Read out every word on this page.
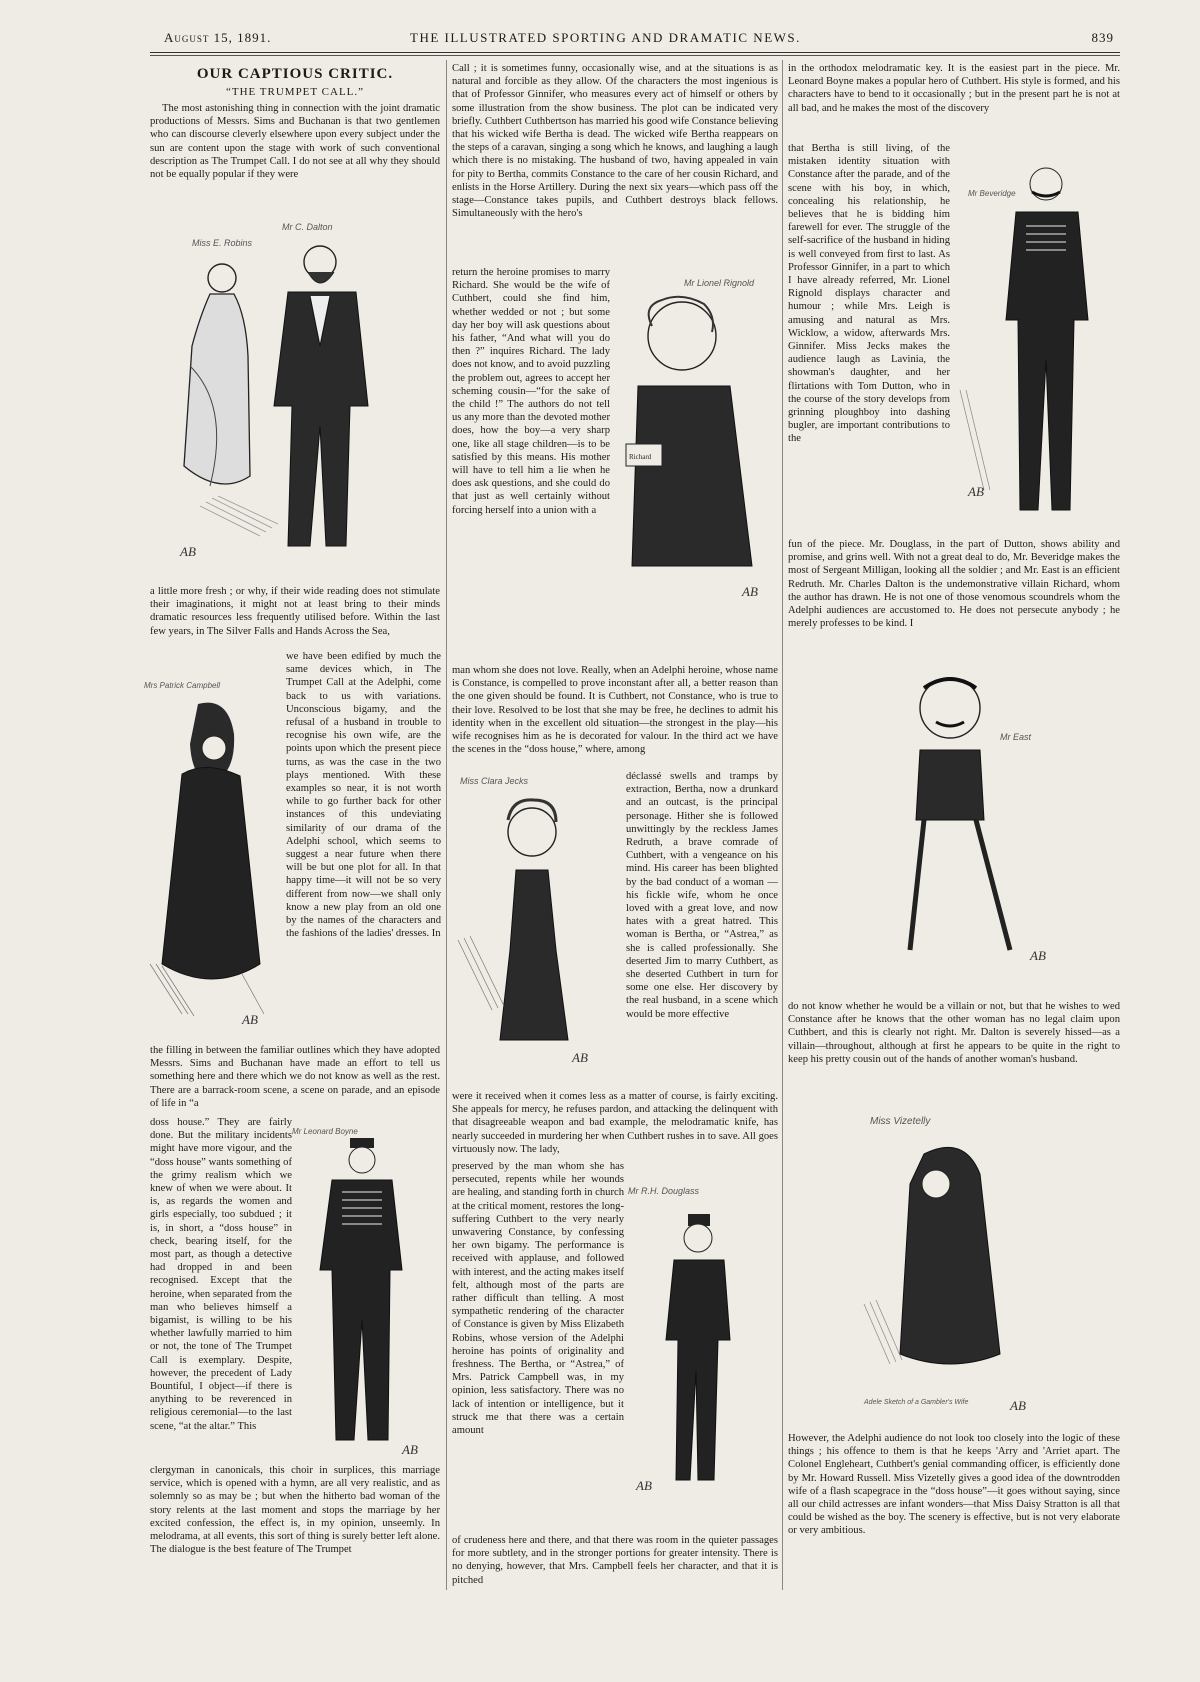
August 15, 1891.	THE ILLUSTRATED SPORTING AND DRAMATIC NEWS.	839
OUR CAPTIOUS CRITIC.
“THE TRUMPET CALL.”

The most astonishing thing in connection with the joint dramatic productions of Messrs. Sims and Buchanan is that two gentlemen who can discourse cleverly elsewhere upon every subject under the sun are content upon the stage with work of such conventional description as The Trumpet Call. I do not see at all why they should not be equally popular if they were

Miss E. Robins
Mr C. Dalton
AB

a little more fresh ; or why, if their wide reading does not stimulate their imaginations, it might not at least bring to their minds dramatic resources less frequently utilised before. Within the last few years, in The Silver Falls and Hands Across the Sea,

Mrs Patrick Campbell
AB

we have been edified by much the same devices which, in The Trumpet Call at the Adelphi, come back to us with variations. Unconscious bigamy, and the refusal of a husband in trouble to recognise his own wife, are the points upon which the present piece turns, as was the case in the two plays mentioned. With these examples so near, it is not worth while to go further back for other instances of this undeviating similarity of our drama of the Adelphi school, which seems to suggest a near future when there will be but one plot for all. In that happy time—it will not be so very different from now—we shall only know a new play from an old one by the names of the characters and the fashions of the ladies' dresses. In

the filling in between the familiar outlines which they have adopted Messrs. Sims and Buchanan have made an effort to tell us something here and there which we do not know as well as the rest. There are a barrack-room scene, a scene on parade, and an episode of life in “a

doss house.” They are fairly done. But the military incidents might have more vigour, and the “doss house” wants something of the grimy realism which we knew of when we were about. It is, as regards the women and girls especially, too subdued ; it is, in short, a “doss house” in check, bearing itself, for the most part, as though a detective had dropped in and been recognised. Except that the heroine, when separated from the man who believes himself a bigamist, is willing to be his whether lawfully married to him or not, the tone of The Trumpet Call is exemplary. Despite, however, the precedent of Lady Bountiful, I object—if there is anything to be reverenced in religious ceremonial—to the last scene, “at the altar.” This

Mr Leonard Boyne
AB

clergyman in canonicals, this choir in surplices, this marriage service, which is opened with a hymn, are all very realistic, and as solemnly so as may be ; but when the hitherto bad woman of the story relents at the last moment and stops the marriage by her excited confession, the effect is, in my opinion, unseemly. In melodrama, at all events, this sort of thing is surely better left alone. The dialogue is the best feature of The Trumpet

Call ; it is sometimes funny, occasionally wise, and at the situations is as natural and forcible as they allow. Of the characters the most ingenious is that of Professor Ginnifer, who measures every act of himself or others by some illustration from the show business. The plot can be indicated very briefly. Cuthbert Cuthbertson has married his good wife Constance believing that his wicked wife Bertha is dead. The wicked wife Bertha reappears on the steps of a caravan, singing a song which he knows, and laughing a laugh which there is no mistaking. The husband of two, having appealed in vain for pity to Bertha, commits Constance to the care of her cousin Richard, and enlists in the Horse Artillery. During the next six years—which pass off the stage—Constance takes pupils, and Cuthbert destroys black fellows. Simultaneously with the hero's

return the heroine promises to marry Richard. She would be the wife of Cuthbert, could she find him, whether wedded or not ; but some day her boy will ask questions about his father, “And what will you do then ?” inquires Richard. The lady does not know, and to avoid puzzling the problem out, agrees to accept her scheming cousin—“for the sake of the child !” The authors do not tell us any more than the devoted mother does, how the boy—a very sharp one, like all stage children—is to be satisfied by this means. His mother will have to tell him a lie when he does ask questions, and she could do that just as well certainly without forcing herself into a union with a

Mr Lionel Rignold
Richard
AB

man whom she does not love. Really, when an Adelphi heroine, whose name is Constance, is compelled to prove inconstant after all, a better reason than the one given should be found. It is Cuthbert, not Constance, who is true to their love. Resolved to be lost that she may be free, he declines to admit his identity when in the excellent old situation—the strongest in the play—his wife recognises him as he is decorated for valour. In the third act we have the scenes in the “doss house,” where, among

Miss Clara Jecks
AB

déclassé swells and tramps by extraction, Bertha, now a drunkard and an outcast, is the principal personage. Hither she is followed unwittingly by the reckless James Redruth, a brave comrade of Cuthbert, with a vengeance on his mind. His career has been blighted by the bad conduct of a woman —his fickle wife, whom he once loved with a great love, and now hates with a great hatred. This woman is Bertha, or “Astrea,” as she is called professionally. She deserted Jim to marry Cuthbert, as she deserted Cuthbert in turn for some one else. Her discovery by the real husband, in a scene which would be more effective

were it received when it comes less as a matter of course, is fairly exciting. She appeals for mercy, he refuses pardon, and attacking the delinquent with that disagreeable weapon and bad example, the melodramatic knife, has nearly succeeded in murdering her when Cuthbert rushes in to save. All goes virtuously now. The lady,

preserved by the man whom she has persecuted, repents while her wounds are healing, and standing forth in church at the critical moment, restores the long-suffering Cuthbert to the very nearly unwavering Constance, by confessing her own bigamy. The performance is received with applause, and followed with interest, and the acting makes itself felt, although most of the parts are rather difficult than telling. A most sympathetic rendering of the character of Constance is given by Miss Elizabeth Robins, whose version of the Adelphi heroine has points of originality and freshness. The Bertha, or “Astrea,” of Mrs. Patrick Campbell was, in my opinion, less satisfactory. There was no lack of intention or intelligence, but it struck me that there was a certain amount

Mr R.H. Douglass
AB

of crudeness here and there, and that there was room in the quieter passages for more subtlety, and in the stronger portions for greater intensity. There is no denying, however, that Mrs. Campbell feels her character, and that it is pitched

in the orthodox melodramatic key. It is the easiest part in the piece. Mr. Leonard Boyne makes a popular hero of Cuthbert. His style is formed, and his characters have to bend to it occasionally ; but in the present part he is not at all bad, and he makes the most of the discovery

that Bertha is still living, of the mistaken identity situation with Constance after the parade, and of the scene with his boy, in which, concealing his relationship, he believes that he is bidding him farewell for ever. The struggle of the self-sacrifice of the husband in hiding is well conveyed from first to last. As Professor Ginnifer, in a part to which I have already referred, Mr. Lionel Rignold displays character and humour ; while Mrs. Leigh is amusing and natural as Mrs. Wicklow, a widow, afterwards Mrs. Ginnifer. Miss Jecks makes the audience laugh as Lavinia, the showman's daughter, and her flirtations with Tom Dutton, who in the course of the story develops from grinning ploughboy into dashing bugler, are important contributions to the

Mr Beveridge
AB

fun of the piece. Mr. Douglass, in the part of Dutton, shows ability and promise, and grins well. With not a great deal to do, Mr. Beveridge makes the most of Sergeant Milligan, looking all the soldier ; and Mr. East is an efficient Redruth. Mr. Charles Dalton is the undemonstrative villain Richard, whom the author has drawn. He is not one of those venomous scoundrels whom the Adelphi audiences are accustomed to. He does not persecute anybody ; he merely professes to be kind. I

Mr East
AB

do not know whether he would be a villain or not, but that he wishes to wed Constance after he knows that the other woman has no legal claim upon Cuthbert, and this is clearly not right. Mr. Dalton is severely hissed—as a villain—throughout, although at first he appears to be quite in the right to keep his pretty cousin out of the hands of another woman's husband.

Miss Vizetelly
Adele Sketch of a Gambler's Wife	AB

However, the Adelphi audience do not look too closely into the logic of these things ; his offence to them is that he keeps 'Arry and 'Arriet apart. The Colonel Engleheart, Cuthbert's genial commanding officer, is efficiently done by Mr. Howard Russell. Miss Vizetelly gives a good idea of the downtrodden wife of a flash scapegrace in the “doss house”—it goes without saying, since all our child actresses are infant wonders—that Miss Daisy Stratton is all that could be wished as the boy. The scenery is effective, but is not very elaborate or very ambitious.
